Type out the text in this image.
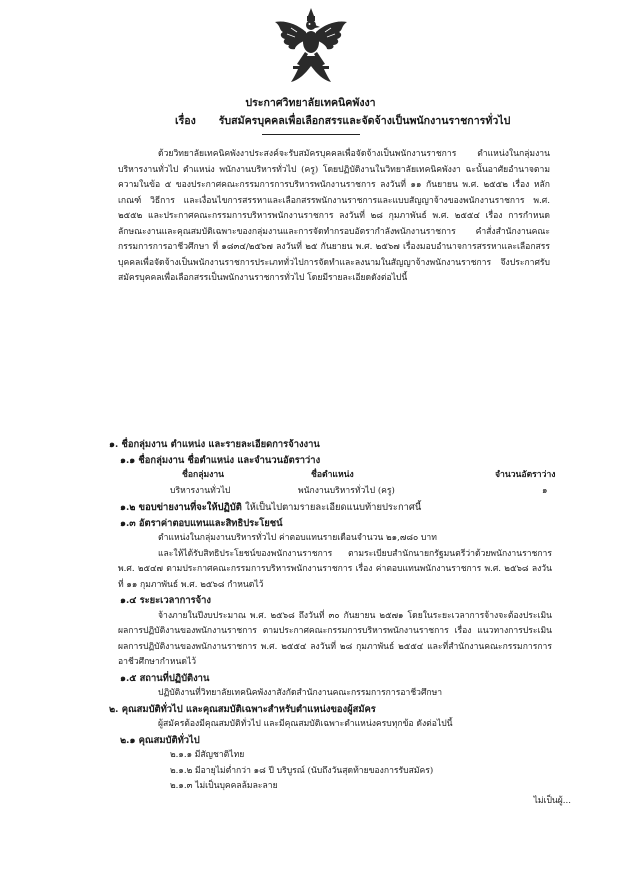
ประกาศวิทยาลัยเทคนิคพังงา
เรื่อง รับสมัครบุคคลเพื่อเลือกสรรและจัดจ้างเป็นพนักงานราชการทั่วไป
ด้วยวิทยาลัยเทคนิคพังงาประสงค์จะรับสมัครบุคคลเพื่อจัดจ้างเป็นพนักงานราชการ ตำแหน่งในกลุ่มงานบริหารงานทั่วไป ตำแหน่ง พนักงานบริหารทั่วไป (ครู) โดยปฏิบัติงานในวิทยาลัยเทคนิคพังงา ฉะนั้นอาศัยอำนาจตามความในข้อ ๕ ของประกาศคณะกรรมการการบริหารพนักงานราชการ ลงวันที่ ๑๑ กันยายน พ.ศ. ๒๕๕๒ เรื่อง หลักเกณฑ์ วิธีการ และเงื่อนไขการสรรหาและเลือกสรรพนักงานราชการและแบบสัญญาจ้างของพนักงานราชการ พ.ศ. ๒๕๕๒ และประกาศคณะกรรมการบริหารพนักงานราชการ ลงวันที่ ๒๘ กุมภาพันธ์ พ.ศ. ๒๕๕๔ เรื่อง การกำหนดลักษณะงานและคุณสมบัติเฉพาะของกลุ่มงานและการจัดทำกรอบอัตรากำลังพนักงานราชการ คำสั่งสำนักงานคณะกรรมการการอาชีวศึกษา ที่ ๑๘๓๔/๒๕๖๗ ลงวันที่ ๒๕ กันยายน พ.ศ. ๒๕๖๗ เรื่องมอบอำนาจการสรรหาและเลือกสรรบุคคลเพื่อจัดจ้างเป็นพนักงานราชการประเภททั่วไปการจัดทำและลงนามในสัญญาจ้างพนักงานราชการ จึงประกาศรับสมัครบุคคลเพื่อเลือกสรรเป็นพนักงานราชการทั่วไป โดยมีรายละเอียดดังต่อไปนี้
๑. ชื่อกลุ่มงาน ตำแหน่ง และรายละเอียดการจ้างงาน
๑.๑ ชื่อกลุ่มงาน ชื่อตำแหน่ง และจำนวนอัตราว่าง
ชื่อกลุ่มงาน	ชื่อตำแหน่ง	จำนวนอัตราว่าง
บริหารงานทั่วไป	พนักงานบริหารทั่วไป (ครู)	๑
๑.๒ ขอบข่ายงานที่จะให้ปฏิบัติ ให้เป็นไปตามรายละเอียดแนบท้ายประกาศนี้
๑.๓ อัตราค่าตอบแทนและสิทธิประโยชน์
ตำแหน่งในกลุ่มงานบริหารทั่วไป ค่าตอบแทนรายเดือนจำนวน ๒๑,๗๘๐ บาท
และให้ได้รับสิทธิประโยชน์ของพนักงานราชการ ตามระเบียบสำนักนายกรัฐมนตรีว่าด้วยพนักงานราชการ พ.ศ. ๒๕๔๗ ตามประกาศคณะกรรมการบริหารพนักงานราชการ เรื่อง ค่าตอบแทนพนักงานราชการ พ.ศ. ๒๕๖๘ ลงวันที่ ๑๑ กุมภาพันธ์ พ.ศ. ๒๕๖๘ กำหนดไว้
๑.๔ ระยะเวลาการจ้าง
จ้างภายในปีงบประมาณ พ.ศ. ๒๕๖๘ ถึงวันที่ ๓๐ กันยายน ๒๕๗๑ โดยในระยะเวลาการจ้างจะต้องประเมินผลการปฏิบัติงานของพนักงานราชการ ตามประกาศคณะกรรมการบริหารพนักงานราชการ เรื่อง แนวทางการประเมินผลการปฏิบัติงานของพนักงานราชการ พ.ศ. ๒๕๕๔ ลงวันที่ ๒๘ กุมภาพันธ์ ๒๕๕๔ และที่สำนักงานคณะกรรมการการอาชีวศึกษากำหนดไว้
๑.๕ สถานที่ปฏิบัติงาน
ปฏิบัติงานที่วิทยาลัยเทคนิคพังงาสังกัดสำนักงานคณะกรรมการการอาชีวศึกษา
๒. คุณสมบัติทั่วไป และคุณสมบัติเฉพาะสำหรับตำแหน่งของผู้สมัคร
ผู้สมัครต้องมีคุณสมบัติทั่วไป และมีคุณสมบัติเฉพาะตำแหน่งครบทุกข้อ ดังต่อไปนี้
๒.๑ คุณสมบัติทั่วไป
๒.๑.๑ มีสัญชาติไทย
๒.๑.๒ มีอายุไม่ต่ำกว่า ๑๘ ปี บริบูรณ์ (นับถึงวันสุดท้ายของการรับสมัคร)
๒.๑.๓ ไม่เป็นบุคคลล้มละลาย
ไม่เป็นผู้...
